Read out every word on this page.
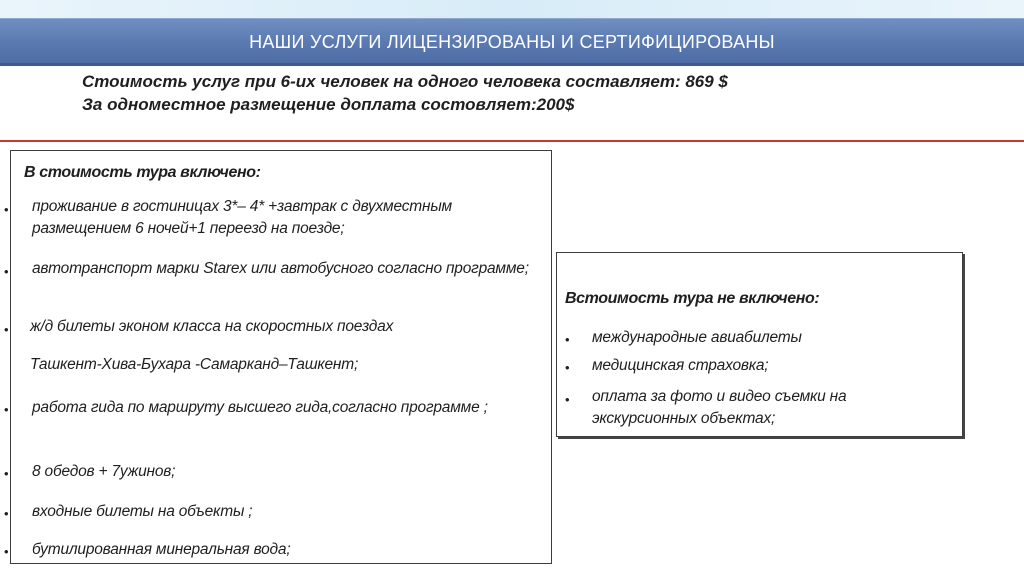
НАШИ УСЛУГИ ЛИЦЕНЗИРОВАНЫ И СЕРТИФИЦИРОВАНЫ
Стоимость услуг при 6-их человек на одного человека составляет: 869 $
За одноместное размещение доплата состовляет:200$
В стоимость тура включено:
• проживание в гостиницах 3*– 4* +завтрак с двухместным размещением 6 ночей+1 переезд на поезде;
• автотранспорт марки Starex или автобусного согласно программе;
• ж/д билеты эконом класса на скоростных поездах
Ташкент-Хива-Бухара -Самарканд–Ташкент;
• работа гида по маршруту высшего гида,согласно программе ;
• 8 обедов + 7ужинов;
• входные билеты на объекты ;
• бутилированная минеральная вода;
Встоимость тура не включено:
• международные авиабилеты
• медицинская страховка;
• оплата за фото и видео съемки на экскурсионных объектах;
